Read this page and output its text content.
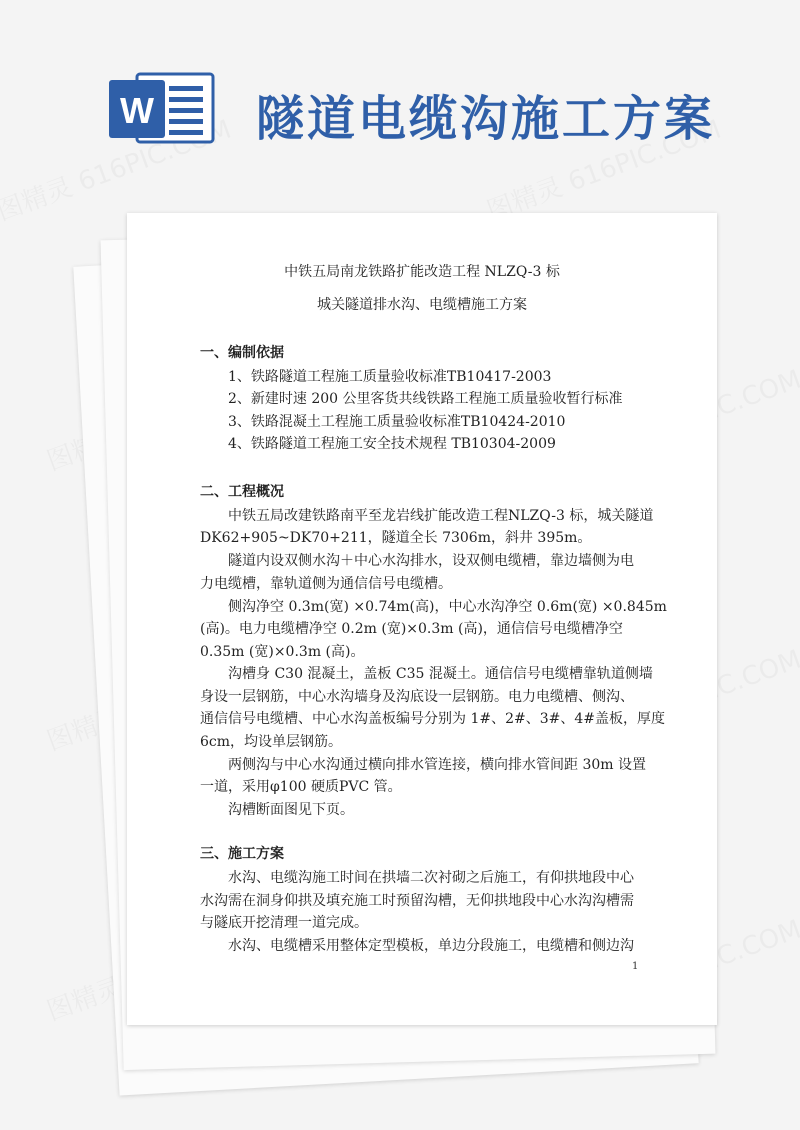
W 隧道电缆沟施工方案
中铁五局南龙铁路扩能改造工程 NLZQ-3 标
城关隧道排水沟、电缆槽施工方案
一、编制依据
1、铁路隧道工程施工质量验收标准TB10417-2003
2、新建时速 200 公里客货共线铁路工程施工质量验收暂行标准
3、铁路混凝土工程施工质量验收标准TB10424-2010
4、铁路隧道工程施工安全技术规程 TB10304-2009
二、工程概况
中铁五局改建铁路南平至龙岩线扩能改造工程NLZQ-3 标，城关隧道
DK62+905~DK70+211，隧道全长 7306m，斜井 395m。
隧道内设双侧水沟＋中心水沟排水，设双侧电缆槽，靠边墙侧为电
力电缆槽，靠轨道侧为通信信号电缆槽。
侧沟净空 0.3m(宽) ×0.74m(高)，中心水沟净空 0.6m(宽) ×0.845m
(高)。电力电缆槽净空 0.2m (宽)×0.3m (高)，通信信号电缆槽净空
0.35m (宽)×0.3m (高)。
沟槽身 C30 混凝土，盖板 C35 混凝土。通信信号电缆槽靠轨道侧墙
身设一层钢筋，中心水沟墙身及沟底设一层钢筋。电力电缆槽、侧沟、
通信信号电缆槽、中心水沟盖板编号分别为 1#、2#、3#、4#盖板，厚度
6cm，均设单层钢筋。
两侧沟与中心水沟通过横向排水管连接，横向排水管间距 30m 设置
一道，采用φ100 硬质PVC 管。
沟槽断面图见下页。
三、施工方案
水沟、电缆沟施工时间在拱墙二次衬砌之后施工，有仰拱地段中心
水沟需在洞身仰拱及填充施工时预留沟槽，无仰拱地段中心水沟沟槽需
与隧底开挖清理一道完成。
水沟、电缆槽采用整体定型模板，单边分段施工，电缆槽和侧边沟
1
